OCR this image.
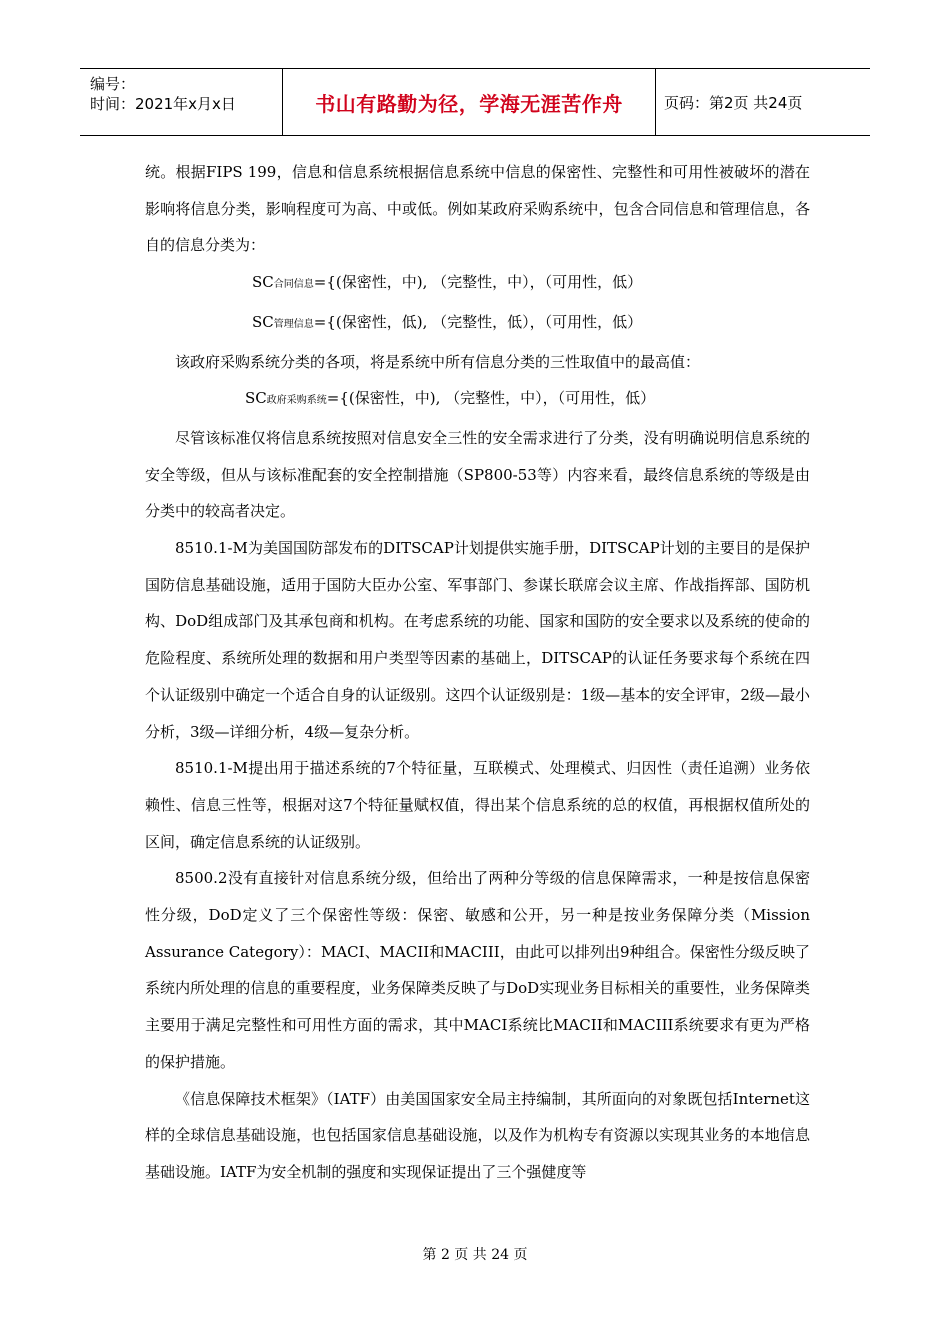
编号：
时间：2021年x月x日	书山有路勤为径，学海无涯苦作舟	页码：第2页 共24页

统。根据FIPS 199，信息和信息系统根据信息系统中信息的保密性、完整性和可用性被破坏的潜在影响将信息分类，影响程度可为高、中或低。例如某政府采购系统中，包含合同信息和管理信息，各自的信息分类为：

SC合同信息={(保密性，中), （完整性，中），（可用性，低）

SC管理信息={(保密性，低), （完整性，低），（可用性，低）

该政府采购系统分类的各项，将是系统中所有信息分类的三性取值中的最高值：

SC政府采购系统={(保密性，中), （完整性，中），（可用性，低）

尽管该标准仅将信息系统按照对信息安全三性的安全需求进行了分类，没有明确说明信息系统的安全等级，但从与该标准配套的安全控制措施（SP800-53等）内容来看，最终信息系统的等级是由分类中的较高者决定。

8510.1-M为美国国防部发布的DITSCAP计划提供实施手册，DITSCAP计划的主要目的是保护国防信息基础设施，适用于国防大臣办公室、军事部门、参谋长联席会议主席、作战指挥部、国防机构、DoD组成部门及其承包商和机构。在考虑系统的功能、国家和国防的安全要求以及系统的使命的危险程度、系统所处理的数据和用户类型等因素的基础上，DITSCAP的认证任务要求每个系统在四个认证级别中确定一个适合自身的认证级别。这四个认证级别是：1级—基本的安全评审，2级—最小分析，3级—详细分析，4级—复杂分析。

8510.1-M提出用于描述系统的7个特征量，互联模式、处理模式、归因性（责任追溯）业务依赖性、信息三性等，根据对这7个特征量赋权值，得出某个信息系统的总的权值，再根据权值所处的区间，确定信息系统的认证级别。

8500.2没有直接针对信息系统分级，但给出了两种分等级的信息保障需求，一种是按信息保密性分级，DoD定义了三个保密性等级：保密、敏感和公开，另一种是按业务保障分类（Mission Assurance Category）：MACⅠ、MACII和MACIII，由此可以排列出9种组合。保密性分级反映了系统内所处理的信息的重要程度，业务保障类反映了与DoD实现业务目标相关的重要性，业务保障类主要用于满足完整性和可用性方面的需求，其中MACⅠ系统比MACII和MACIII系统要求有更为严格的保护措施。

《信息保障技术框架》（IATF）由美国国家安全局主持编制，其所面向的对象既包括Internet这样的全球信息基础设施，也包括国家信息基础设施，以及作为机构专有资源以实现其业务的本地信息基础设施。IATF为安全机制的强度和实现保证提出了三个强健度等

第 2 页 共 24 页
